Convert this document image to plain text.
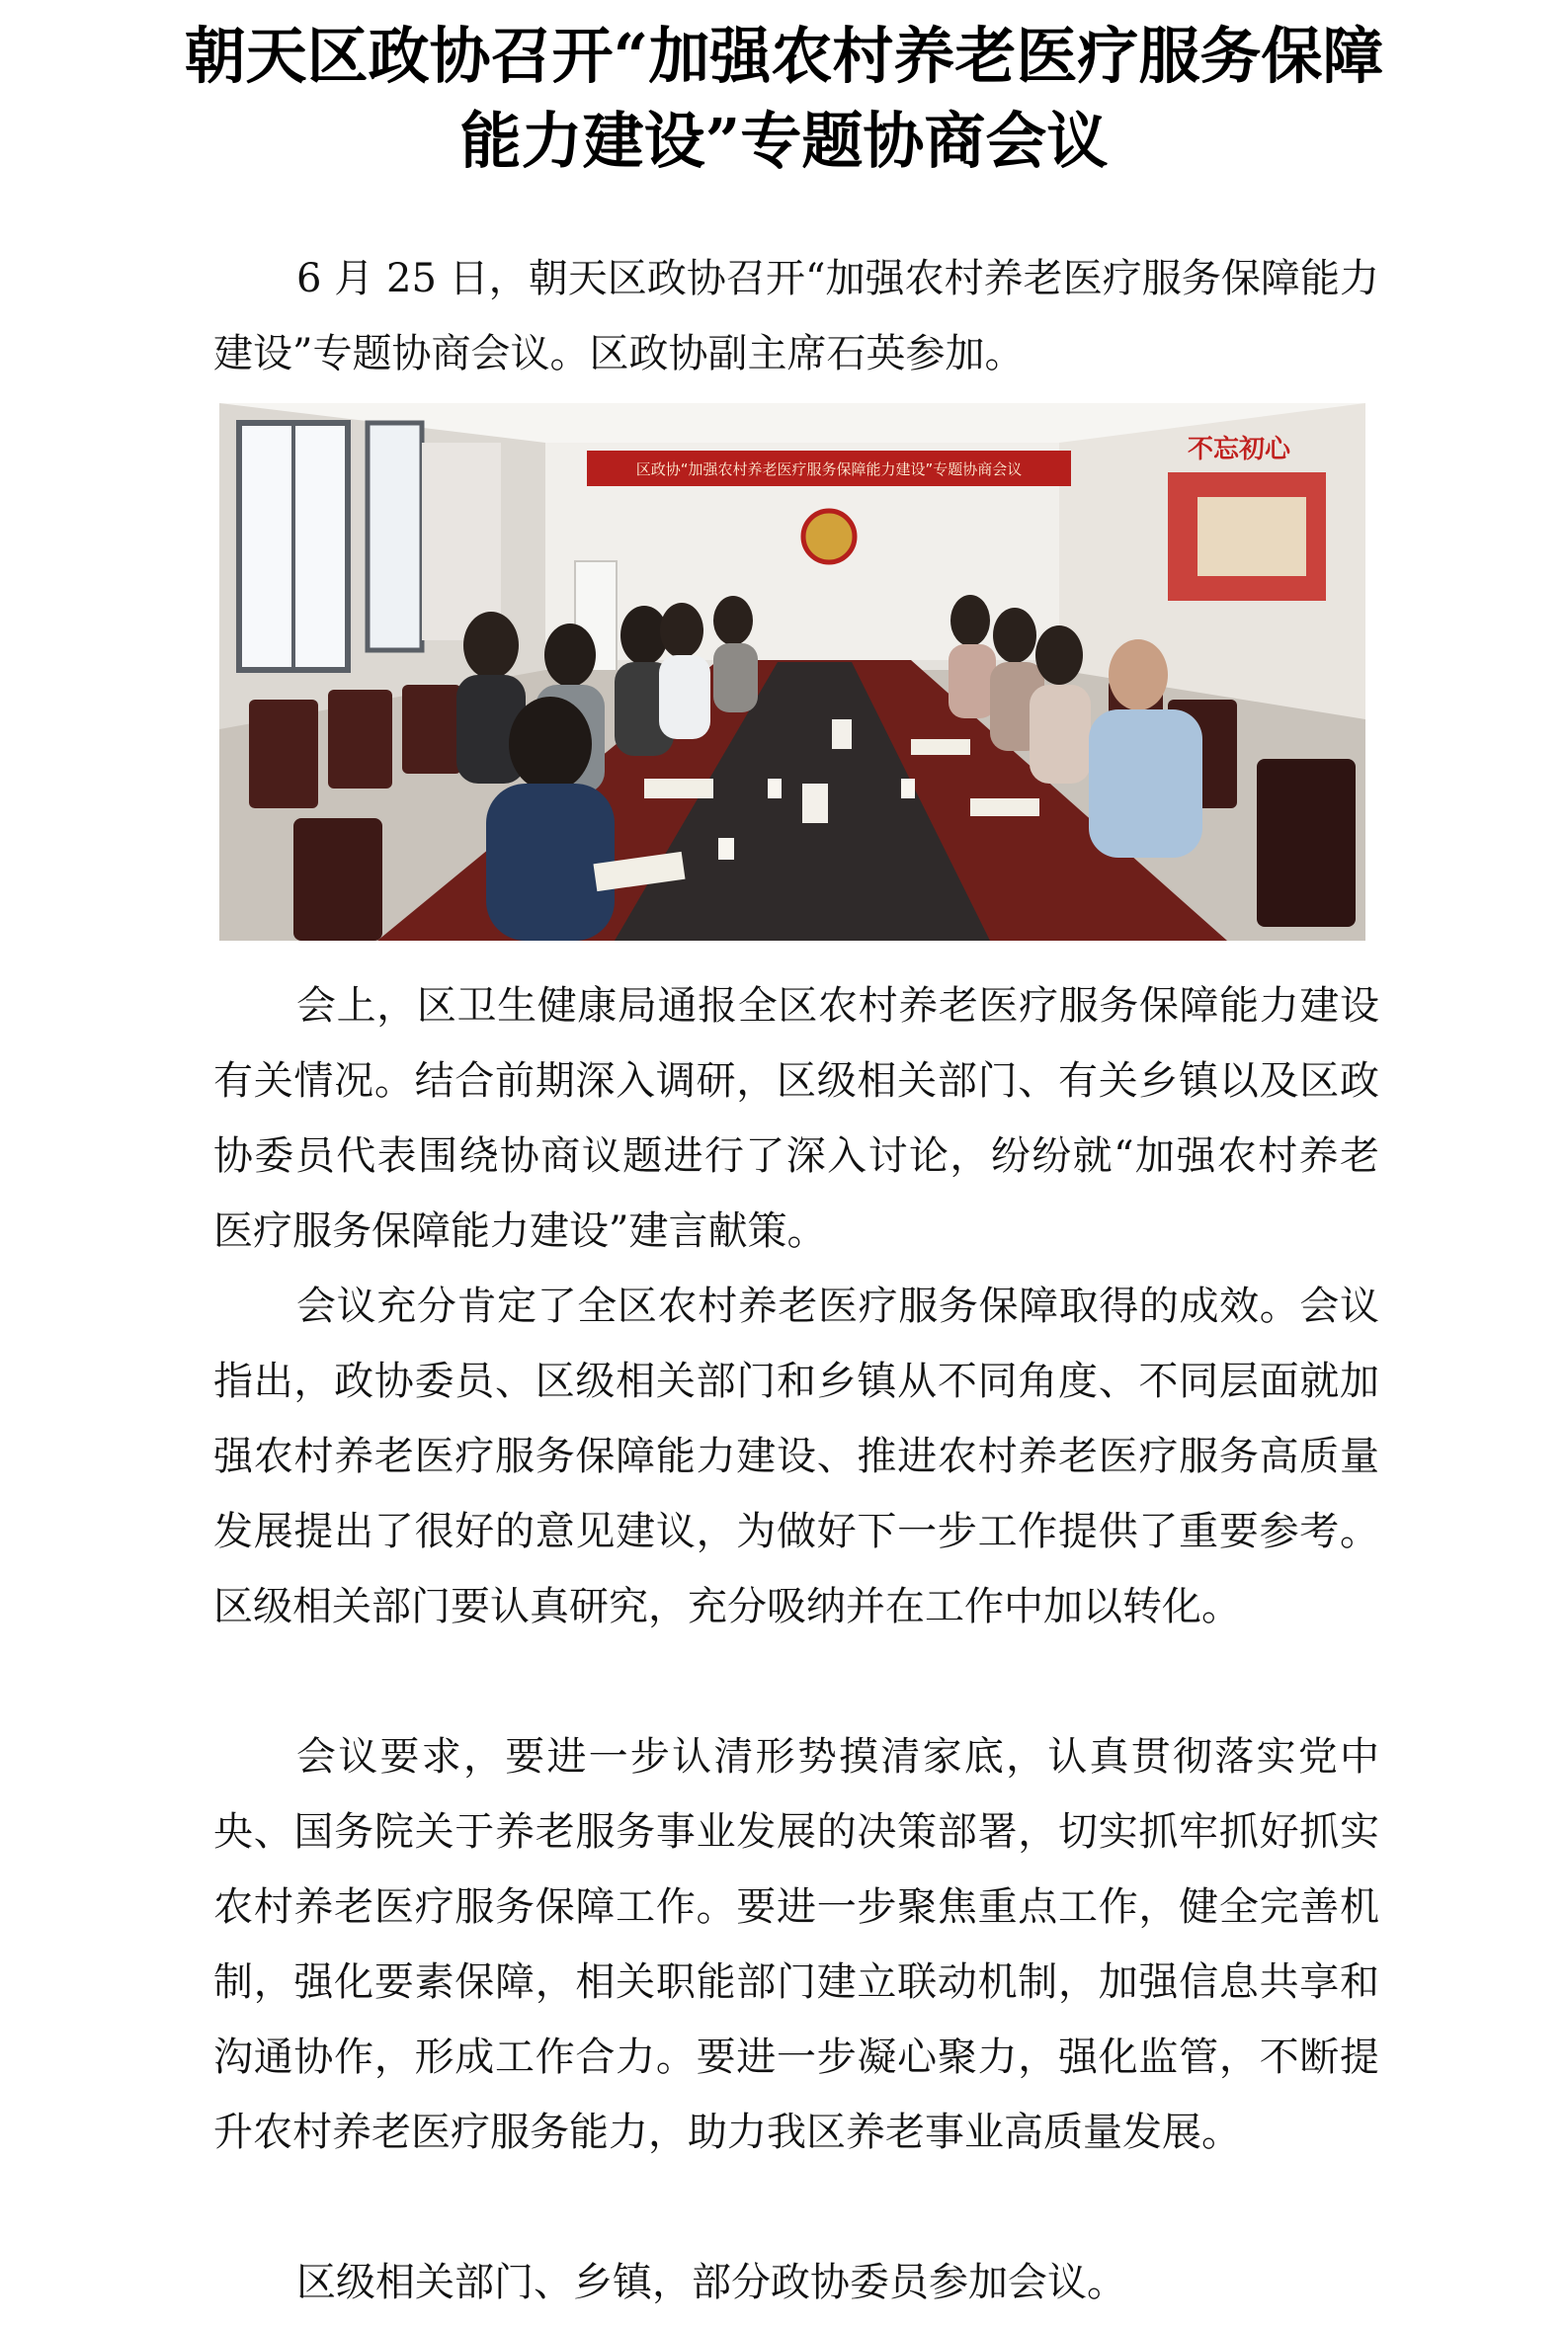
朝天区政协召开“加强农村养老医疗服务保障
能力建设”专题协商会议

6 月 25 日，朝天区政协召开“加强农村养老医疗服务保障能力建设”专题协商会议。区政协副主席石英参加。

区政协“加强农村养老医疗服务保障能力建设”专题协商会议
不忘初心

会上，区卫生健康局通报全区农村养老医疗服务保障能力建设有关情况。结合前期深入调研，区级相关部门、有关乡镇以及区政协委员代表围绕协商议题进行了深入讨论，纷纷就“加强农村养老医疗服务保障能力建设”建言献策。

会议充分肯定了全区农村养老医疗服务保障取得的成效。会议指出，政协委员、区级相关部门和乡镇从不同角度、不同层面就加强农村养老医疗服务保障能力建设、推进农村养老医疗服务高质量发展提出了很好的意见建议，为做好下一步工作提供了重要参考。区级相关部门要认真研究，充分吸纳并在工作中加以转化。

会议要求，要进一步认清形势摸清家底，认真贯彻落实党中央、国务院关于养老服务事业发展的决策部署，切实抓牢抓好抓实农村养老医疗服务保障工作。要进一步聚焦重点工作，健全完善机制，强化要素保障，相关职能部门建立联动机制，加强信息共享和沟通协作，形成工作合力。要进一步凝心聚力，强化监管，不断提升农村养老医疗服务能力，助力我区养老事业高质量发展。

区级相关部门、乡镇，部分政协委员参加会议。
